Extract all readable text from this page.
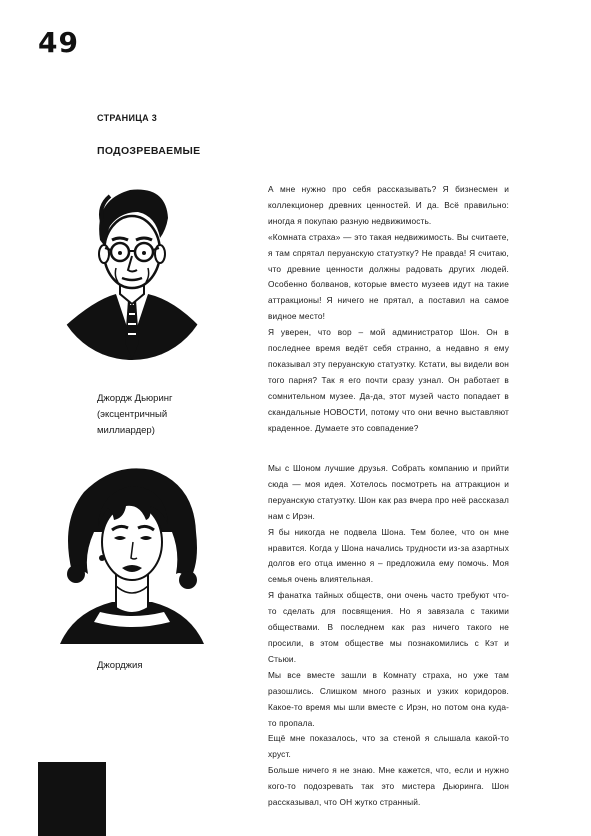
49
СТРАНИЦА 3
ПОДОЗРЕВАЕМЫЕ

Джордж Дьюринг
(эксцентричный
миллиардер)

Джорджия

А мне нужно про себя рассказывать? Я бизнесмен и коллекционер древних ценностей. И да. Всё правильно: иногда я покупаю разную недвижимость.

«Комната страха» — это такая недвижимость. Вы считаете, я там спрятал перуанскую статуэтку? Не правда! Я считаю, что древние ценности должны радовать других людей. Особенно болванов, которые вместо музеев идут на такие аттракционы! Я ничего не прятал, а поставил на самое видное место!

Я уверен, что вор – мой администратор Шон. Он в последнее время ведёт себя странно, а недавно я ему показывал эту перуанскую статуэтку. Кстати, вы видели вон того парня? Так я его почти сразу узнал. Он работает в сомнительном музее. Да-да, этот музей часто попадает в скандальные НОВОСТИ, потому что они вечно выставляют краденное. Думаете это совпадение?

Мы с Шоном лучшие друзья. Собрать компанию и прийти сюда — моя идея. Хотелось посмотреть на аттракцион и перуанскую статуэтку. Шон как раз вчера про неё рассказал нам с Ирэн.

Я бы никогда не подвела Шона. Тем более, что он мне нравится. Когда у Шона начались трудности из-за азартных долгов его отца именно я – предложила ему помочь. Моя семья очень влиятельная.

Я фанатка тайных обществ, они очень часто требуют что-то сделать для посвящения. Но я завязала с такими обществами. В последнем как раз ничего такого не просили, в этом обществе мы познакомились с Кэт и Стьюи.

Мы все вместе зашли в Комнату страха, но уже там разошлись. Слишком много разных и узких коридоров. Какое-то время мы шли вместе с Ирэн, но потом она куда-то пропала.

Ещё мне показалось, что за стеной я слышала какой-то хруст.

Больше ничего я не знаю. Мне кажется, что, если и нужно кого-то подозревать так это мистера Дьюринга. Шон рассказывал, что ОН жутко странный.
